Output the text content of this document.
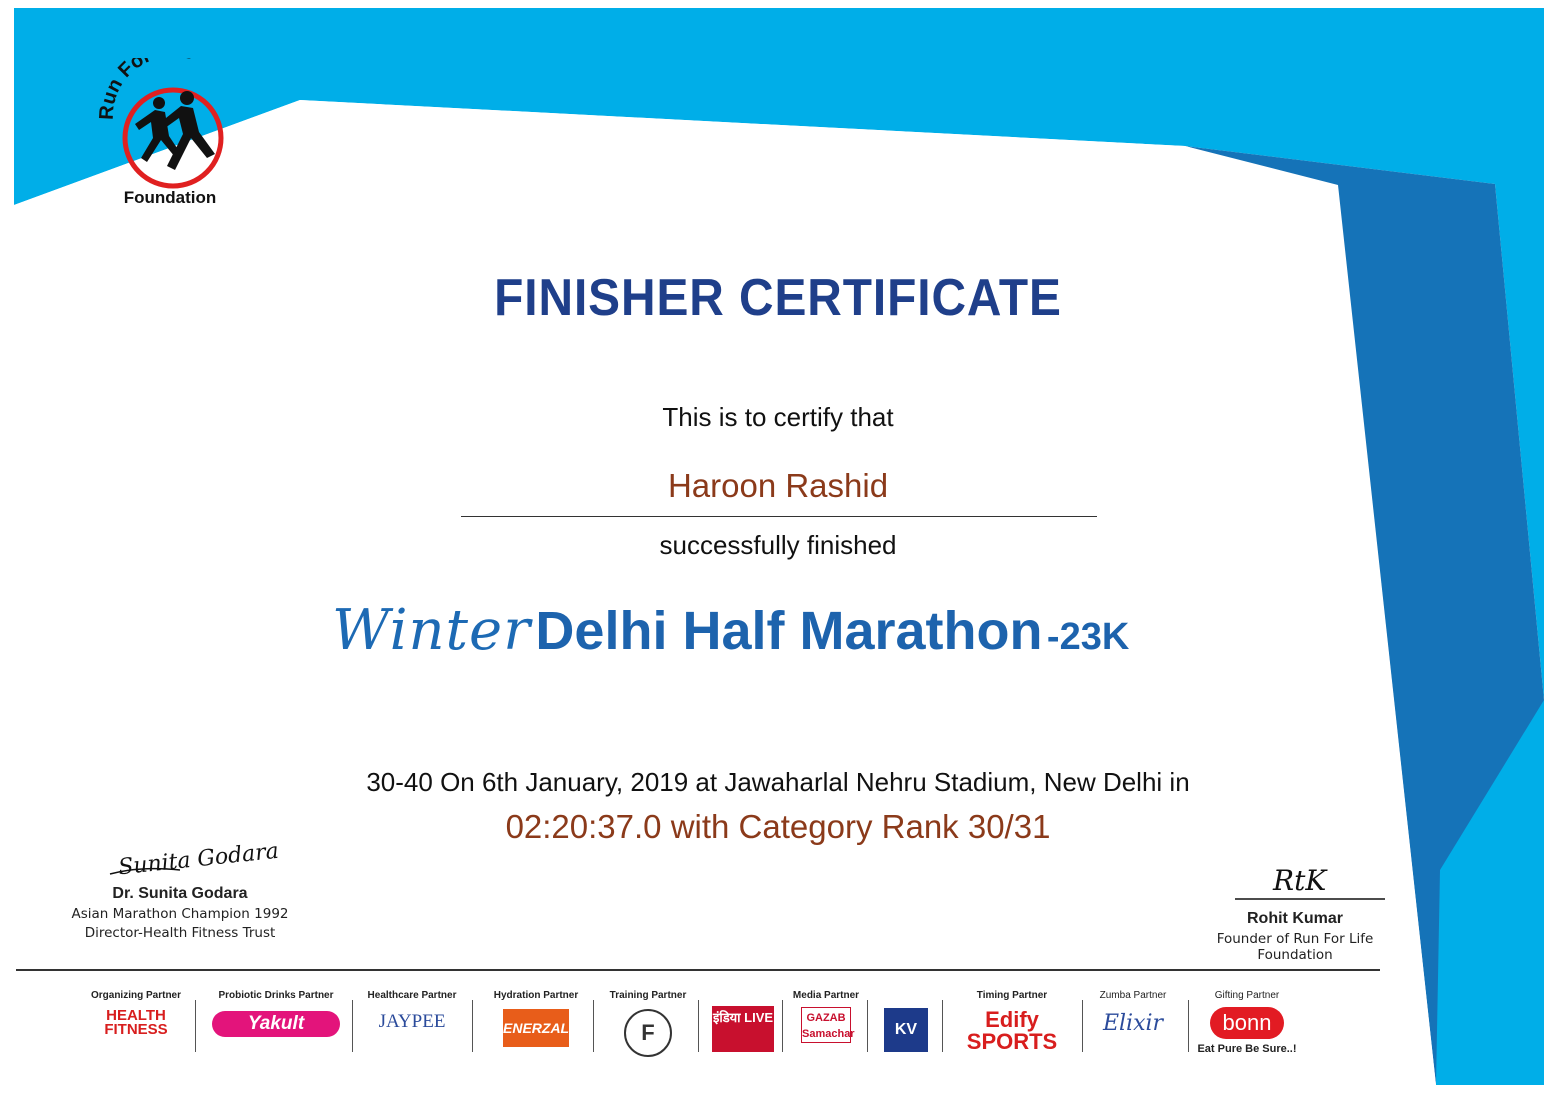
Run Fo
Foundation
FINISHER CERTIFICATE
This is to certify that
Haroon Rashid
successfully finished
Winter Delhi Half Marathon -23K
30-40 On 6th January, 2019 at Jawaharlal Nehru Stadium, New Delhi in
02:20:37.0 with Category Rank 30/31
Sunita Godara
Dr. Sunita Godara
Asian Marathon Champion 1992
Director-Health Fitness Trust
RtK
Rohit Kumar
Founder of Run For Life Foundation
Organizing Partner
HEALTH FITNESS
Probiotic Drinks Partner
Yakult
Healthcare Partner
JAYPEE
Hydration Partner
ENERZAL
Training Partner
F
इंडिया LIVE
Media Partner
GAZAB Samachar	KV
Timing Partner
Edify SPORTS
Zumba Partner
Elixir
Gifting Partner
bonn
Eat Pure Be Sure..!
